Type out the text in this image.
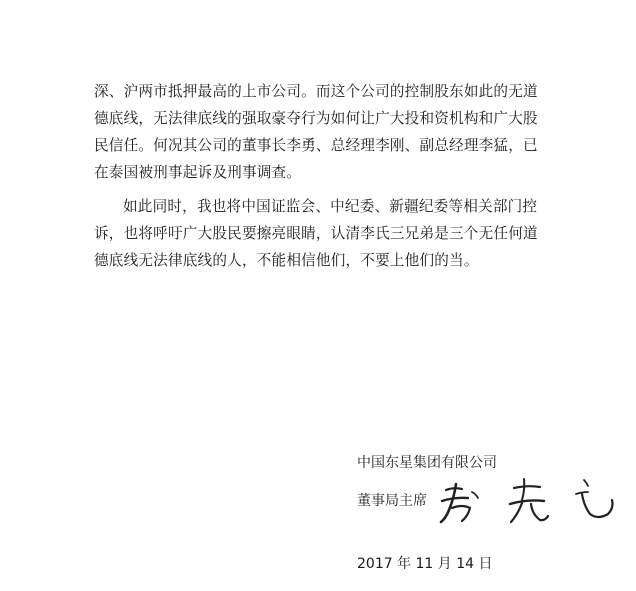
深、沪两市抵押最高的上市公司。而这个公司的控制股东如此的无道
德底线，无法律底线的强取豪夺行为如何让广大投和资机构和广大股
民信任。何况其公司的董事长李勇、总经理李刚、副总经理李猛，已
在泰国被刑事起诉及刑事调查。
如此同时，我也将中国证监会、中纪委、新疆纪委等相关部门控
诉，也将呼吁广大股民要擦亮眼睛，认清李氏三兄弟是三个无任何道
德底线无法律底线的人，不能相信他们，不要上他们的当。
中国东星集团有限公司
董事局主席
2017 年 11 月 14 日
